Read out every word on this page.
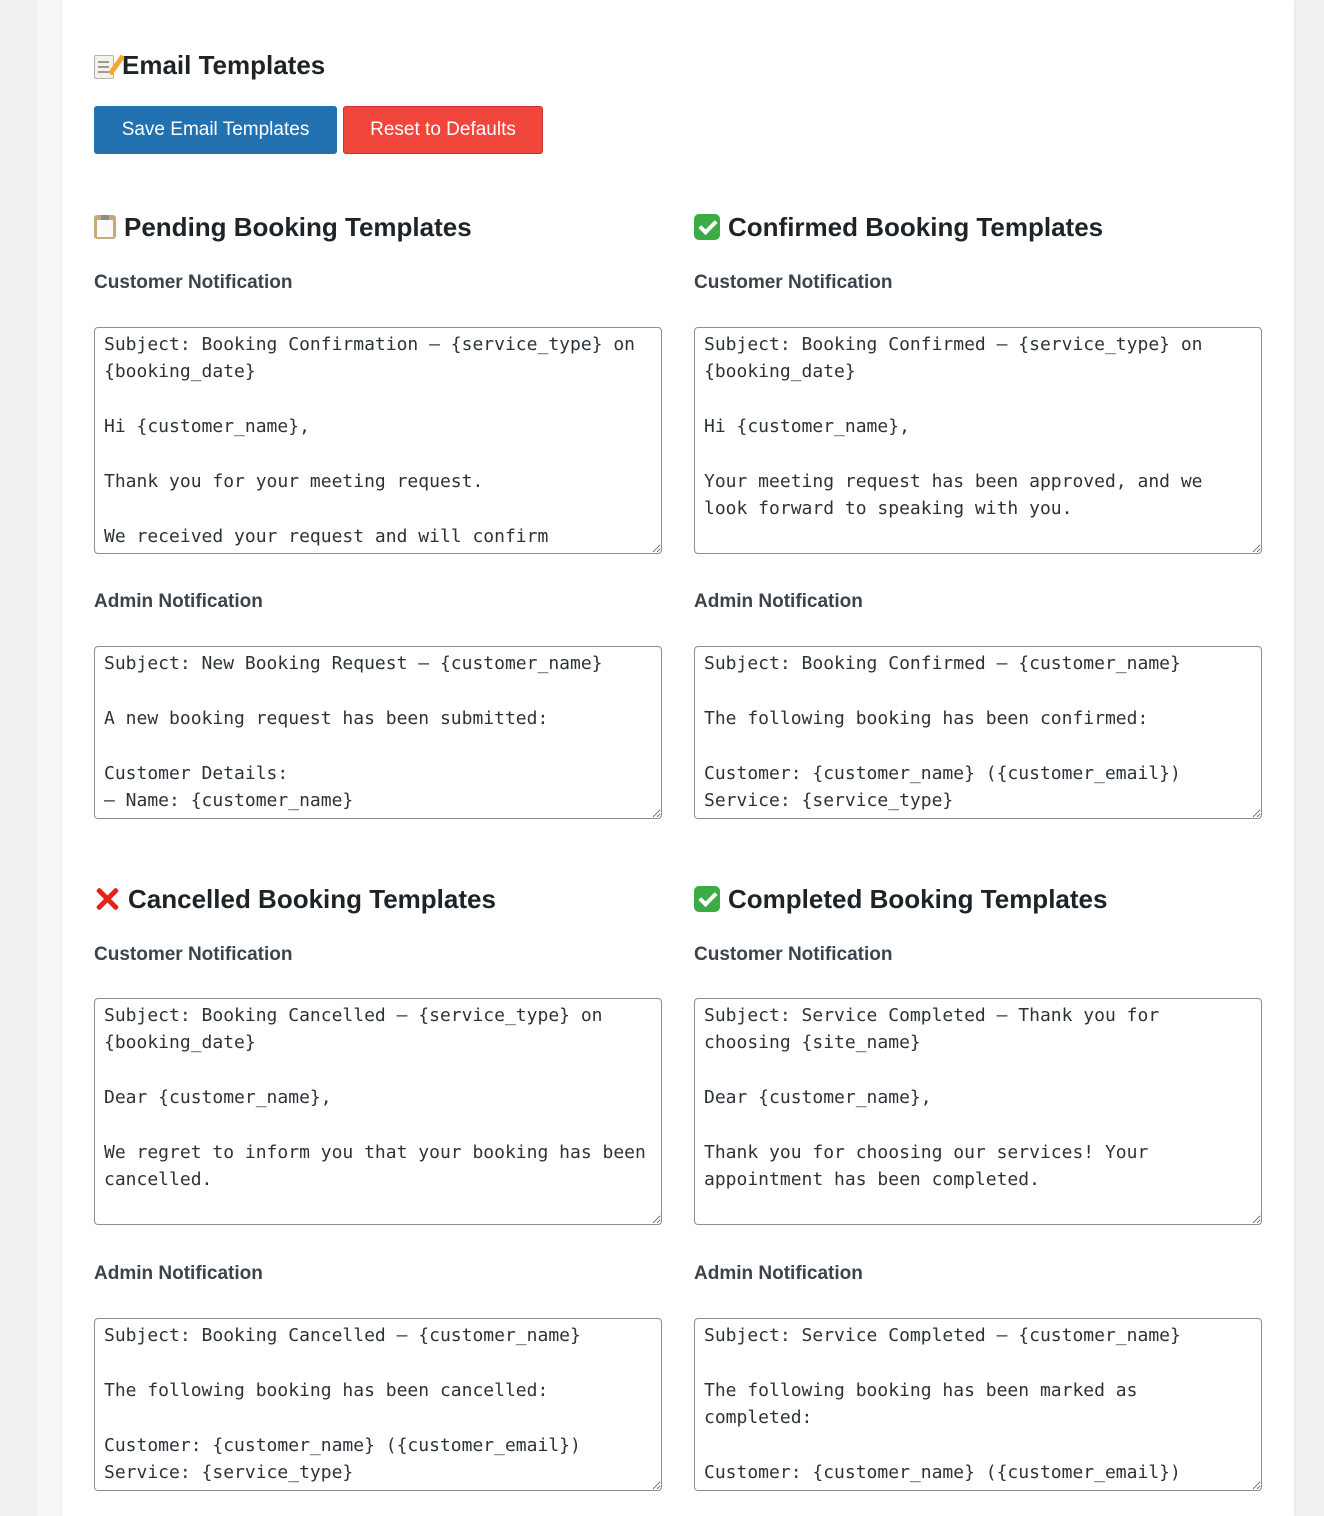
Email Templates
Save Email Templates	Reset to Defaults
Pending Booking Templates
Customer Notification
Subject: Booking Confirmation – {service_type} on {booking_date} Hi {customer_name}, Thank you for your meeting request. We received your request and will confirm
Admin Notification
Subject: New Booking Request – {customer_name} A new booking request has been submitted: Customer Details: – Name: {customer_name}
Confirmed Booking Templates
Customer Notification
Subject: Booking Confirmed – {service_type} on {booking_date} Hi {customer_name}, Your meeting request has been approved, and we look forward to speaking with you.
Admin Notification
Subject: Booking Confirmed – {customer_name} The following booking has been confirmed: Customer: {customer_name} ({customer_email}) Service: {service_type}
Cancelled Booking Templates
Customer Notification
Subject: Booking Cancelled – {service_type} on {booking_date} Dear {customer_name}, We regret to inform you that your booking has been cancelled.
Admin Notification
Subject: Booking Cancelled – {customer_name} The following booking has been cancelled: Customer: {customer_name} ({customer_email}) Service: {service_type}
Completed Booking Templates
Customer Notification
Subject: Service Completed – Thank you for choosing {site_name} Dear {customer_name}, Thank you for choosing our services! Your appointment has been completed.
Admin Notification
Subject: Service Completed – {customer_name} The following booking has been marked as completed: Customer: {customer_name} ({customer_email})
